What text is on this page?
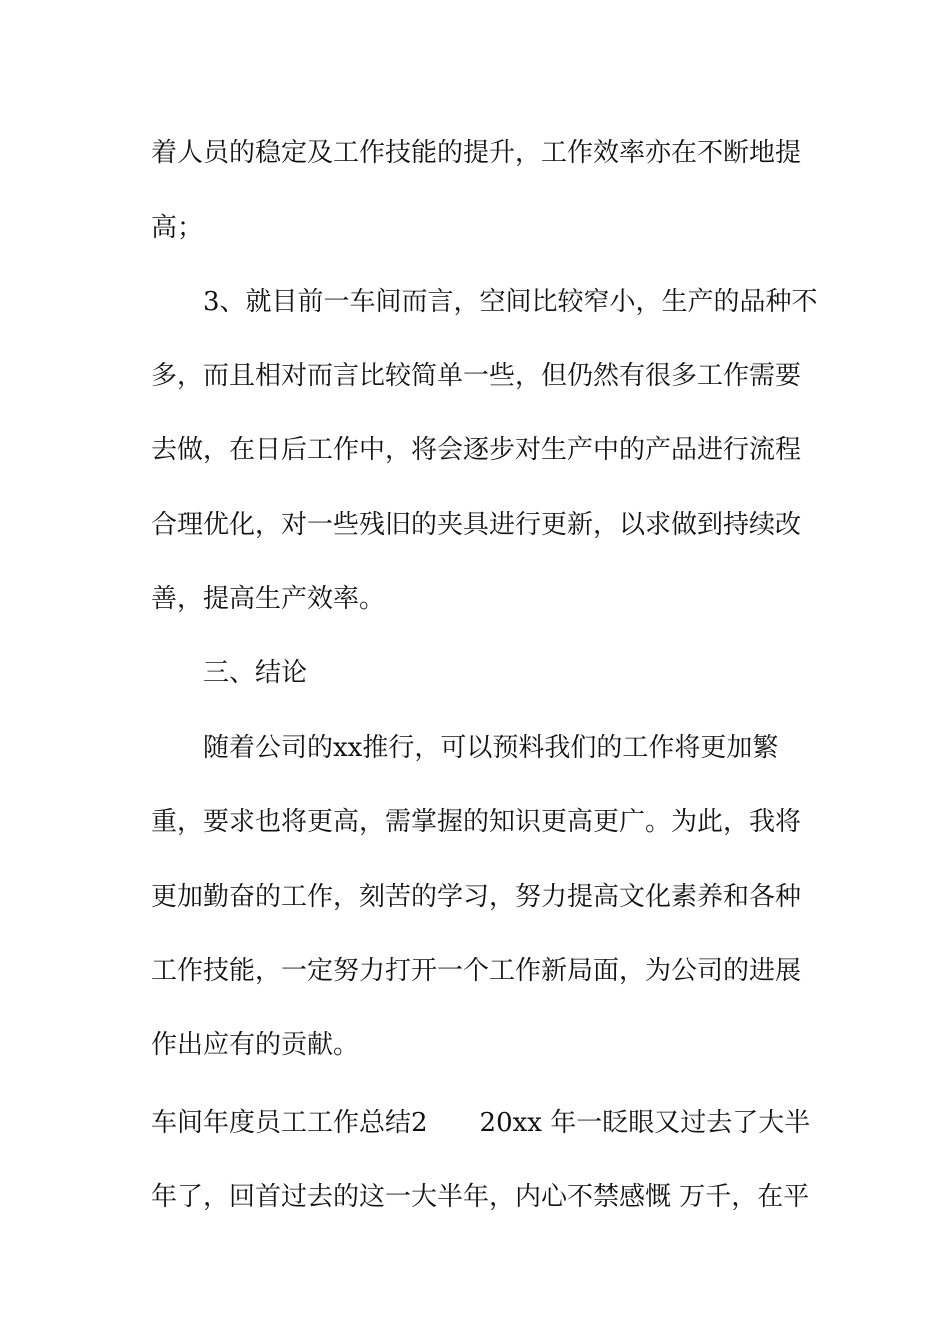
着人员的稳定及工作技能的提升，工作效率亦在不断地提
高；
3、就目前一车间而言，空间比较窄小，生产的品种不
多，而且相对而言比较简单一些，但仍然有很多工作需要
去做，在日后工作中，将会逐步对生产中的产品进行流程
合理优化，对一些残旧的夹具进行更新，以求做到持续改
善，提高生产效率。
三、结论
随着公司的xx推行，可以预料我们的工作将更加繁
重，要求也将更高，需掌握的知识更高更广。为此，我将
更加勤奋的工作，刻苦的学习，努力提高文化素养和各种
工作技能，一定努力打开一个工作新局面，为公司的进展
作出应有的贡献。
车间年度员工工作总结2　　20xx 年一眨眼又过去了大半
年了，回首过去的这一大半年，内心不禁感慨 万千，在平
